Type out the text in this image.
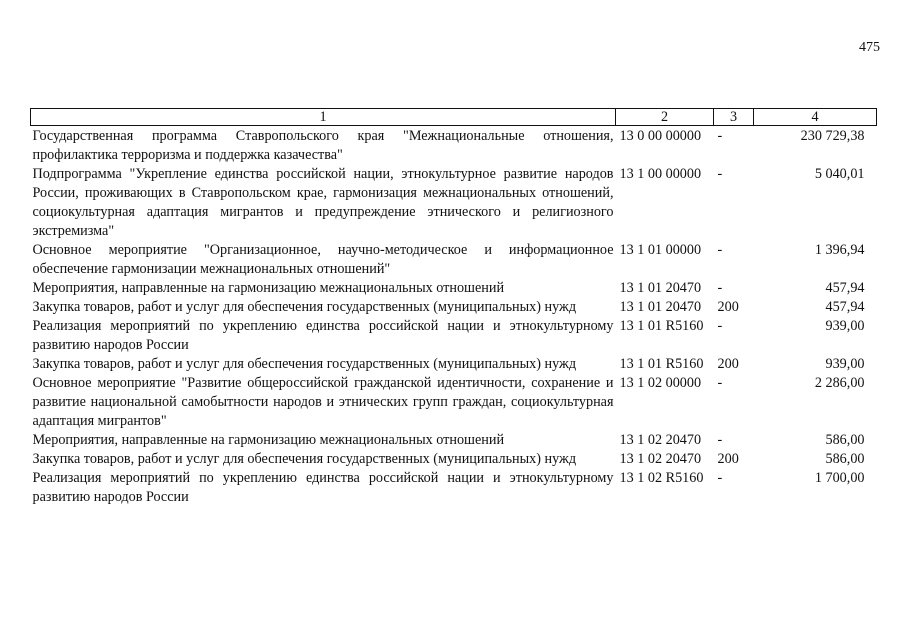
475
1	2	3	4
Государственная программа Ставропольского края "Межнациональные отношения, профилактика терроризма и поддержка казачества"	13 0 00 00000	-	230 729,38
Подпрограмма "Укрепление единства российской нации, этнокультурное развитие народов России, проживающих в Ставропольском крае, гармонизация межнациональных отношений, социокультурная адаптация мигрантов и предупреждение этнического и религиозного экстремизма"	13 1 00 00000	-	5 040,01
Основное мероприятие "Организационное, научно-методическое и информационное обеспечение гармонизации межнациональных отношений"	13 1 01 00000	-	1 396,94
Мероприятия, направленные на гармонизацию межнациональных отношений	13 1 01 20470	-	457,94
Закупка товаров, работ и услуг для обеспечения государственных (муниципальных) нужд	13 1 01 20470	200	457,94
Реализация мероприятий по укреплению единства российской нации и этнокультурному развитию народов России	13 1 01 R5160	-	939,00
Закупка товаров, работ и услуг для обеспечения государственных (муниципальных) нужд	13 1 01 R5160	200	939,00
Основное мероприятие "Развитие общероссийской гражданской идентичности, сохранение и развитие национальной самобытности народов и этнических групп граждан, социокультурная адаптация мигрантов"	13 1 02 00000	-	2 286,00
Мероприятия, направленные на гармонизацию межнациональных отношений	13 1 02 20470	-	586,00
Закупка товаров, работ и услуг для обеспечения государственных (муниципальных) нужд	13 1 02 20470	200	586,00
Реализация мероприятий по укреплению единства российской нации и этнокультурному развитию народов России	13 1 02 R5160	-	1 700,00
